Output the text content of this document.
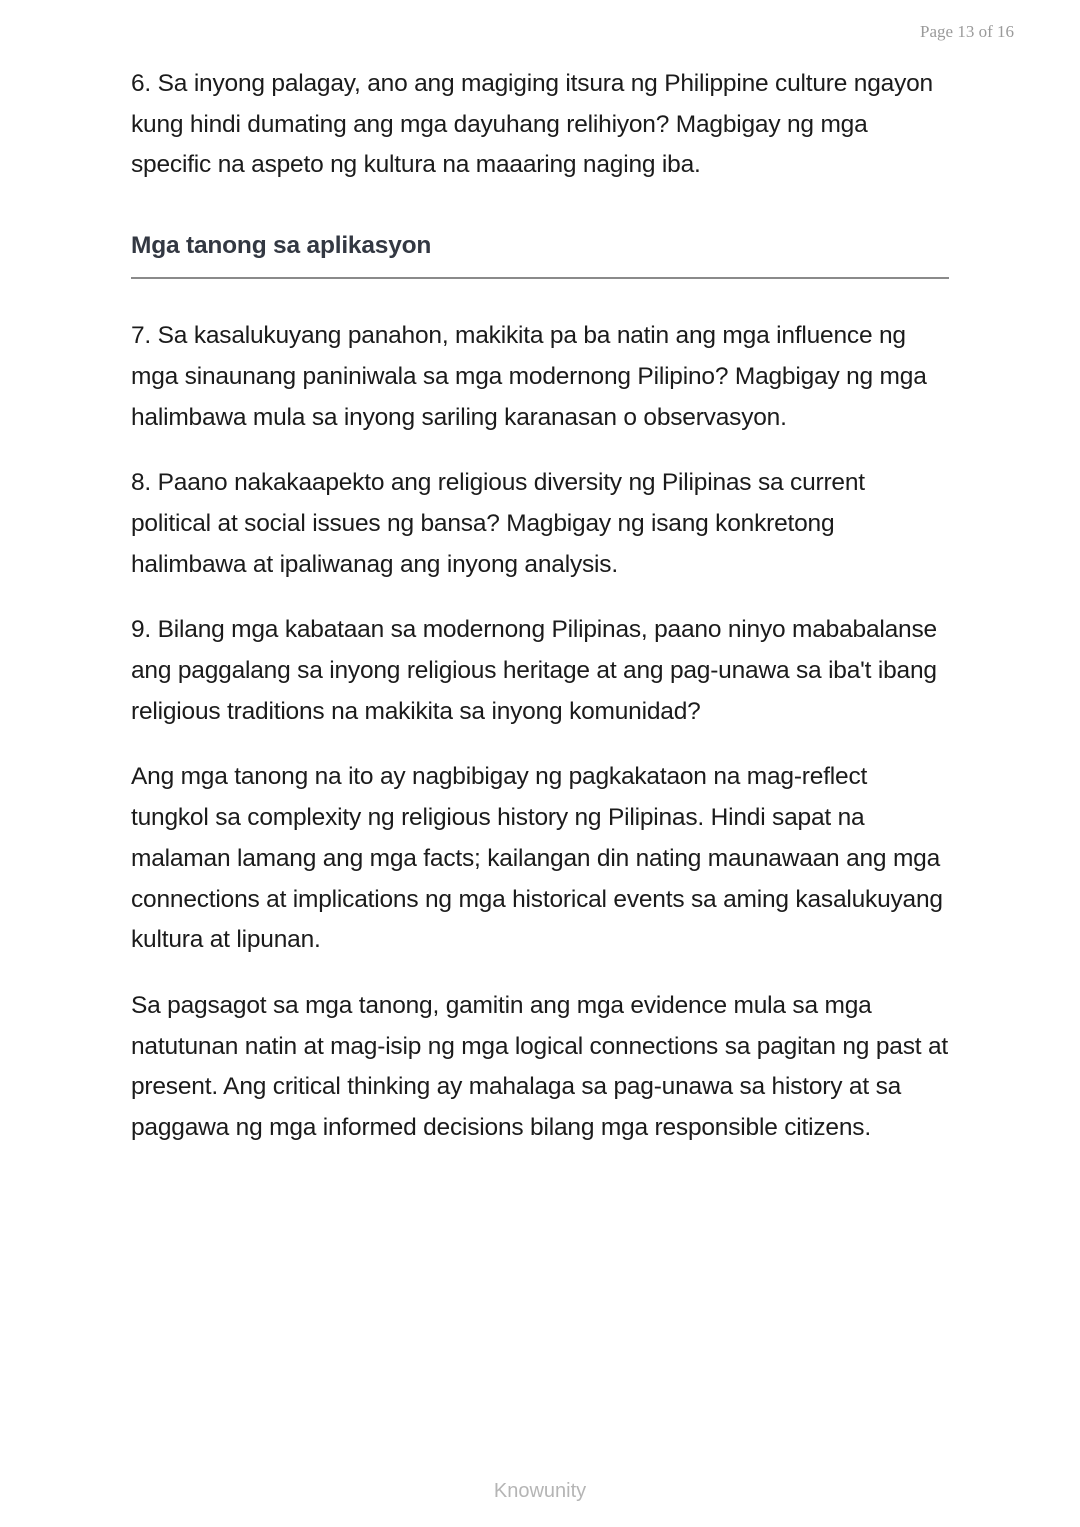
Page 13 of 16

6. Sa inyong palagay, ano ang magiging itsura ng Philippine culture ngayon kung hindi dumating ang mga dayuhang relihiyon? Magbigay ng mga specific na aspeto ng kultura na maaaring naging iba.

Mga tanong sa aplikasyon

7. Sa kasalukuyang panahon, makikita pa ba natin ang mga influence ng mga sinaunang paniniwala sa mga modernong Pilipino? Magbigay ng mga halimbawa mula sa inyong sariling karanasan o observasyon.

8. Paano nakakaapekto ang religious diversity ng Pilipinas sa current political at social issues ng bansa? Magbigay ng isang konkretong halimbawa at ipaliwanag ang inyong analysis.

9. Bilang mga kabataan sa modernong Pilipinas, paano ninyo mababalanse ang paggalang sa inyong religious heritage at ang pag-unawa sa iba't ibang religious traditions na makikita sa inyong komunidad?

Ang mga tanong na ito ay nagbibigay ng pagkakataon na mag-reflect tungkol sa complexity ng religious history ng Pilipinas. Hindi sapat na malaman lamang ang mga facts; kailangan din nating maunawaan ang mga connections at implications ng mga historical events sa aming kasalukuyang kultura at lipunan.

Sa pagsagot sa mga tanong, gamitin ang mga evidence mula sa mga natutunan natin at mag-isip ng mga logical connections sa pagitan ng past at present. Ang critical thinking ay mahalaga sa pag-unawa sa history at sa paggawa ng mga informed decisions bilang mga responsible citizens.

Knowunity
